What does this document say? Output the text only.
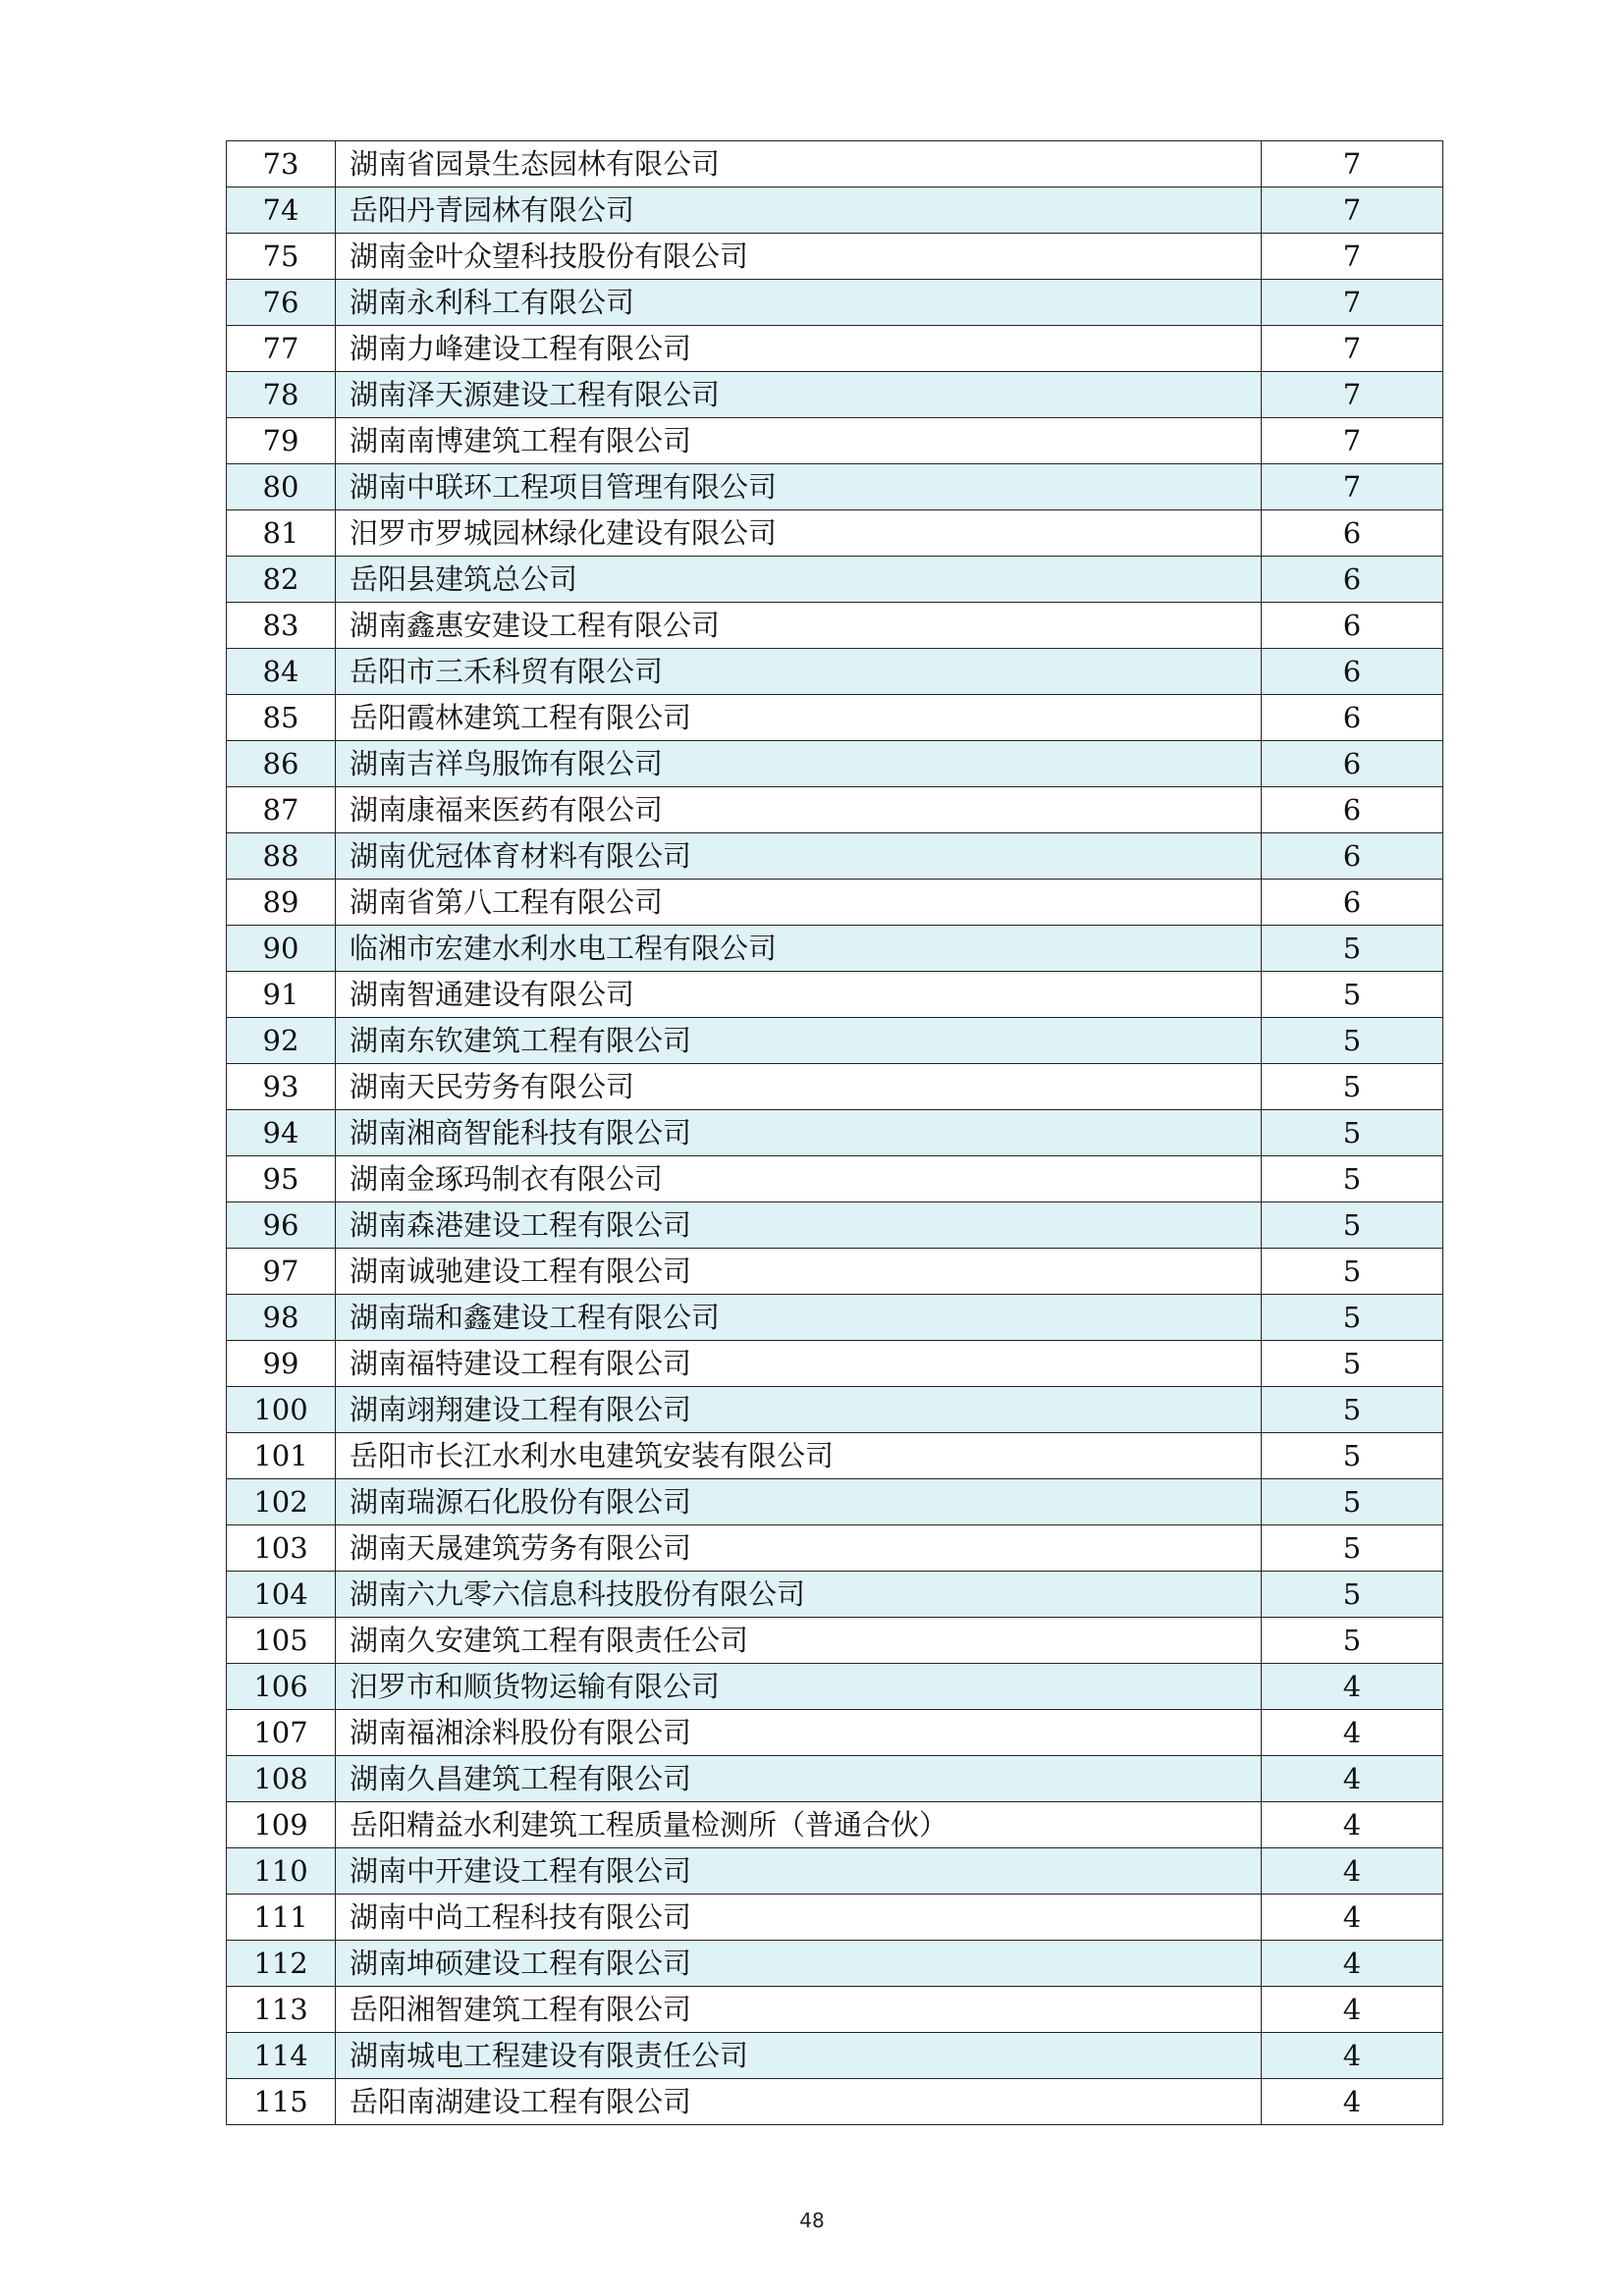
73	湖南省园景生态园林有限公司	7
74	岳阳丹青园林有限公司	7
75	湖南金叶众望科技股份有限公司	7
76	湖南永利科工有限公司	7
77	湖南力峰建设工程有限公司	7
78	湖南泽天源建设工程有限公司	7
79	湖南南博建筑工程有限公司	7
80	湖南中联环工程项目管理有限公司	7
81	汨罗市罗城园林绿化建设有限公司	6
82	岳阳县建筑总公司	6
83	湖南鑫惠安建设工程有限公司	6
84	岳阳市三禾科贸有限公司	6
85	岳阳霞林建筑工程有限公司	6
86	湖南吉祥鸟服饰有限公司	6
87	湖南康福来医药有限公司	6
88	湖南优冠体育材料有限公司	6
89	湖南省第八工程有限公司	6
90	临湘市宏建水利水电工程有限公司	5
91	湖南智通建设有限公司	5
92	湖南东钦建筑工程有限公司	5
93	湖南天民劳务有限公司	5
94	湖南湘商智能科技有限公司	5
95	湖南金琢玛制衣有限公司	5
96	湖南森港建设工程有限公司	5
97	湖南诚驰建设工程有限公司	5
98	湖南瑞和鑫建设工程有限公司	5
99	湖南福特建设工程有限公司	5
100	湖南翊翔建设工程有限公司	5
101	岳阳市长江水利水电建筑安装有限公司	5
102	湖南瑞源石化股份有限公司	5
103	湖南天晟建筑劳务有限公司	5
104	湖南六九零六信息科技股份有限公司	5
105	湖南久安建筑工程有限责任公司	5
106	汨罗市和顺货物运输有限公司	4
107	湖南福湘涂料股份有限公司	4
108	湖南久昌建筑工程有限公司	4
109	岳阳精益水利建筑工程质量检测所（普通合伙）	4
110	湖南中开建设工程有限公司	4
111	湖南中尚工程科技有限公司	4
112	湖南坤硕建设工程有限公司	4
113	岳阳湘智建筑工程有限公司	4
114	湖南城电工程建设有限责任公司	4
115	岳阳南湖建设工程有限公司	4
48
